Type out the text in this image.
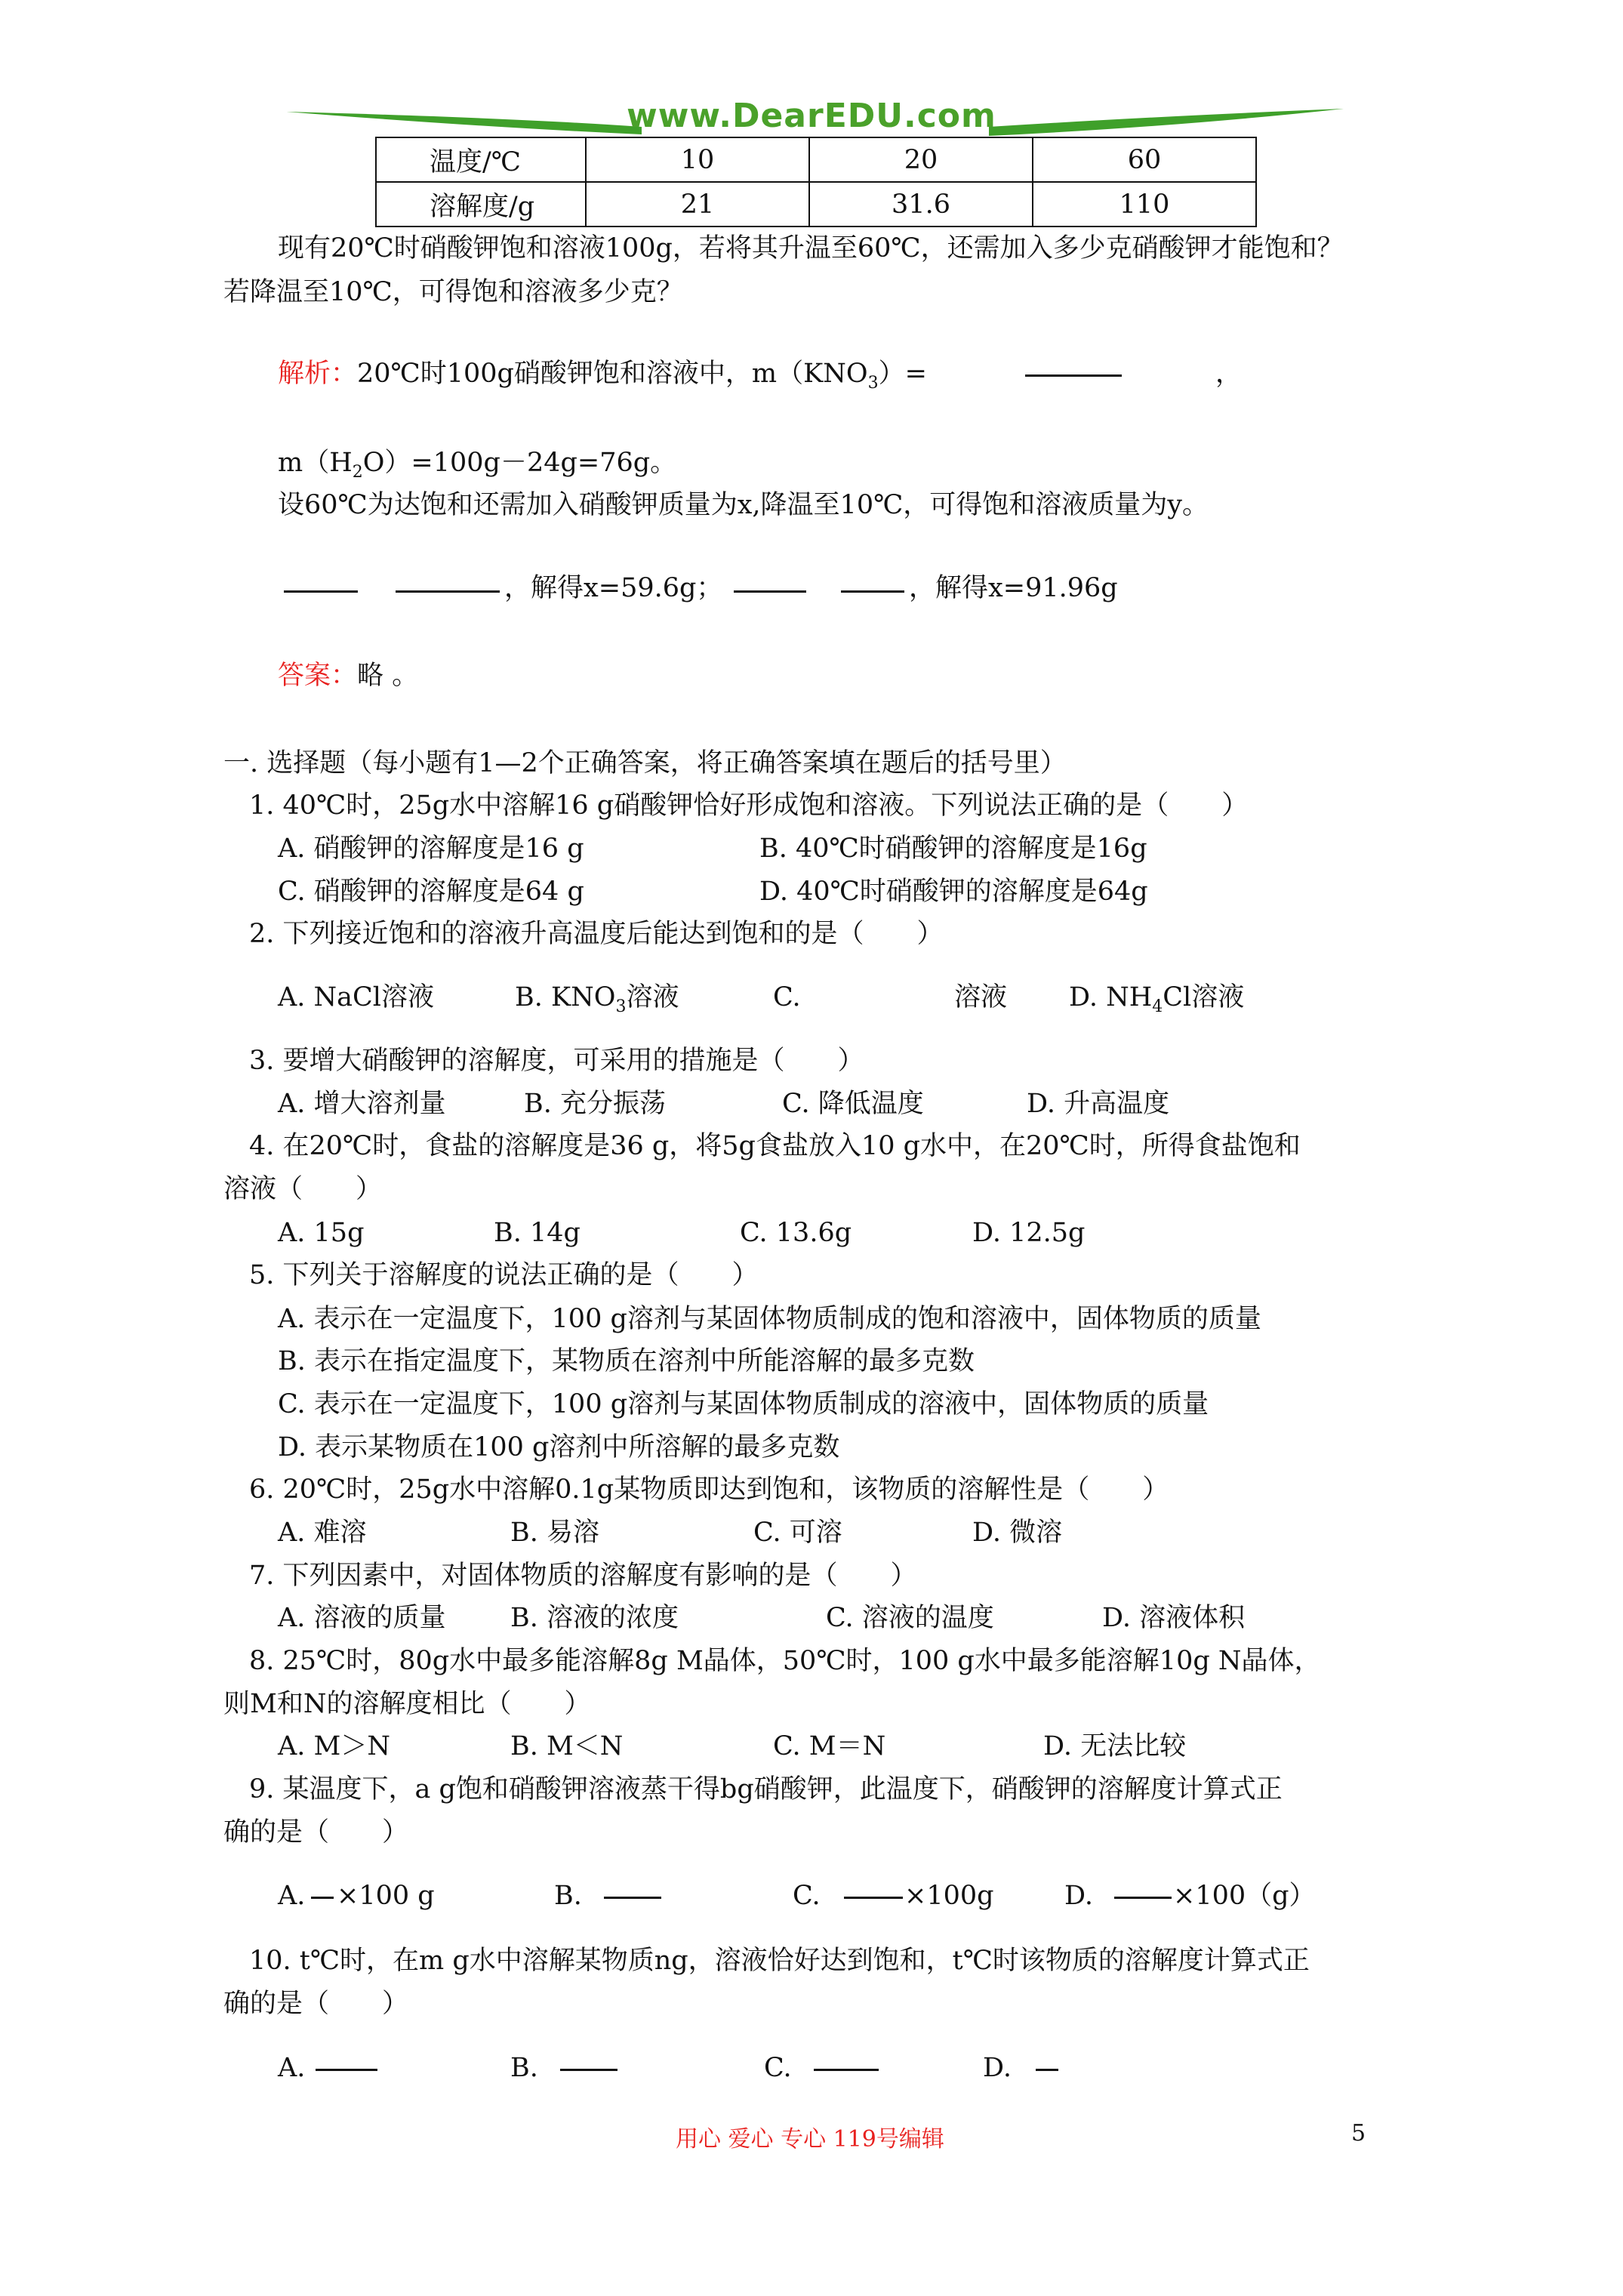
www.DearEDU.com
温度/℃	10	20	60
溶解度/g	21	31.6	110
现有20℃时硝酸钾饱和溶液100g，若将其升温至60℃，还需加入多少克硝酸钾才能饱和？
若降温至10℃，可得饱和溶液多少克？
解析：20℃时100g硝酸钾饱和溶液中，$m(KNO_3)=$	，
$m(H_2O)=100g-24g=76g$。
设60℃为达饱和还需加入硝酸钾质量为x,降温至10℃，可得饱和溶液质量为y。
，解得x=59.6g；	，解得x=91.96g
答案：略 。
一. 选择题（每小题有1—2个正确答案，将正确答案填在题后的括号里）
1. 40℃时，25g水中溶解16 g硝酸钾恰好形成饱和溶液。下列说法正确的是（　　）
A. 硝酸钾的溶解度是16 g	B. 40℃时硝酸钾的溶解度是16g
C. 硝酸钾的溶解度是64 g	D. 40℃时硝酸钾的溶解度是64g
2. 下列接近饱和的溶液升高温度后能达到饱和的是（　　）
A. NaCl溶液	B. $KNO_3$溶液	C.	溶液 D. $NH_4Cl$溶液
3. 要增大硝酸钾的溶解度，可采用的措施是（　　）
A. 增大溶剂量	B. 充分振荡	C. 降低温度	D. 升高温度
4. 在20℃时，食盐的溶解度是36 g，将5g食盐放入10 g水中，在20℃时，所得食盐饱和
溶液（　　）
A. 15g	B. 14g	C. 13.6g	D. 12.5g
5. 下列关于溶解度的说法正确的是（　　）
A. 表示在一定温度下，100 g溶剂与某固体物质制成的饱和溶液中，固体物质的质量
B. 表示在指定温度下，某物质在溶剂中所能溶解的最多克数
C. 表示在一定温度下，100 g溶剂与某固体物质制成的溶液中，固体物质的质量
D. 表示某物质在100 g溶剂中所溶解的最多克数
6. 20℃时，25g水中溶解0.1g某物质即达到饱和，该物质的溶解性是（　　）
A. 难溶	B. 易溶	C. 可溶	D. 微溶
7. 下列因素中，对固体物质的溶解度有影响的是（　　）
A. 溶液的质量 B. 溶液的浓度	C. 溶液的温度	D. 溶液体积
8. 25℃时，80g水中最多能溶解8g M晶体，50℃时，100 g水中最多能溶解10g N晶体，
则M和N的溶解度相比（　　）
A. M＞N	B. M＜N	C. M＝N	D. 无法比较
9. 某温度下，a g饱和硝酸钾溶液蒸干得bg硝酸钾，此温度下，硝酸钾的溶解度计算式正
确的是（　　）
A. ×100 g	B.	C.	×100g	D.	×100（g）
10. t℃时，在m g水中溶解某物质ng，溶液恰好达到饱和，t℃时该物质的溶解度计算式正
确的是（　　）
A.	B.	C.	D.
用心 爱心 专心 119号编辑	5
